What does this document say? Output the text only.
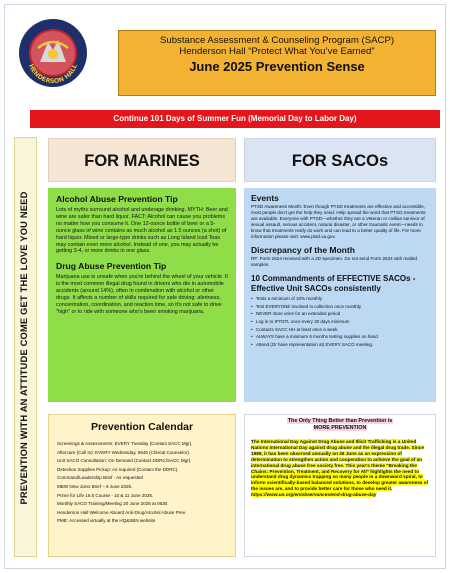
HENDERSON HALL
Substance Assessment & Counseling Program (SACP)
Henderson Hall “Protect What You’ve Earned”
June 2025 Prevention Sense
Continue 101 Days of Summer Fun (Memorial Day to Labor Day)
PREVENTION WITH AN ATTITUDE COME GET THE LOVE YOU NEED
FOR MARINES	FOR SACOs
Alcohol Abuse Prevention Tip
Lots of myths surround alcohol and underage drinking. MYTH: Beer and wine are safer than hard liquor. FACT: Alcohol can cause you problems no matter how you consume it. One 12-ounce bottle of beer or a 5-ounce glass of wine contains as much alcohol as 1.5 ounces (a shot) of hard liquor. Mixed or large-type drinks such as Long Island Iced Teas may contain even more alcohol. Instead of one, you may actually be getting 3-4, or more drinks in one glass.
Drug Abuse Prevention Tip
Marijuana use is unsafe when you're behind the wheel of your vehicle. It is the most common illegal drug found in drivers who die in automobile accidents (around 14%), often in combination with alcohol or other drugs. It affects a number of skills required for safe driving: alertness, concentration, coordination, and reaction time, so it's not safe to drive "high" or to ride with someone who's been smoking marijuana.
Events
PTSD Awareness Month: Even though PTSD treatments are effective and accessible, most people don't get the help they need. Help spread the word that PTSD treatments are available. Everyone with PTSD—whether they are a Veteran or civilian survivor of sexual assault, serious accident, natural disaster, or other traumatic event—needs to know that treatments really do work and can lead to a better quality of life. For more information please visit: www.ptsd.va.gov.
Discrepancy of the Month
RF: Form 2624 received with a 2D specimen. Do not send Form 2624 with mailed samples.
10 Commandments of EFFECTIVE SACOs - Effective Unit SACOs consistently
• Tests a minimum of 10% monthly
• Test EVERYONE involved in collection once monthly
• NEVER store urine for an extended period
• Log in to IFTDTL once every 30 days minimum
• Contacts SACC HH at least once a week
• ALWAYS have a minimum 6 months testing supplies on hand
• Attend (Or have representation at) EVERY SACO meeting.
Prevention Calendar
Screenings & Assessments: EVERY Tuesday (Contact SACC Mgr).
Aftercare (Call In): EVERY Wednesday, 0645 (Clinical Counselor).
Unit SACO Consultation: On Demand (Contact DDRC/SACC Mgr).
Detection Supplies Pickup: As required (Contact the DDRC).
Command/Leadership Brief - As requested
MBW New Joins Brief – 9 June 2025.
Prime for Life 16.0 Course - 10 & 11 June 2025.
Monthly SACO Training/Meeting 20 June 2025 at 0630.
Henderson Hall Welcome Aboard Anti-Drug/Alcohol Abuse Prev.
PME: Accessed virtually at the HQ&SBN website
The Only Thing Better than Prevention is
MORE PREVENTION
The International Day Against Drug Abuse and Illicit Trafficking is a United Nations International Day against drug abuse and the illegal drug trade. Since 1989, it has been observed annually on 26 June as an expression of determination to strengthen action and cooperation to achieve the goal of an international drug abuse free society free. This year's theme "Breaking the Chains: Prevention, Treatment, and Recovery for All" highlights the need to understand drug dynamics trapping so many people in a downward spiral, to inform scientifically-based balanced solutions, to develop greater awareness of the issues are, and to provide better care for those who need it. https://www.un.org/en/observances/end-drug-abuse-day
